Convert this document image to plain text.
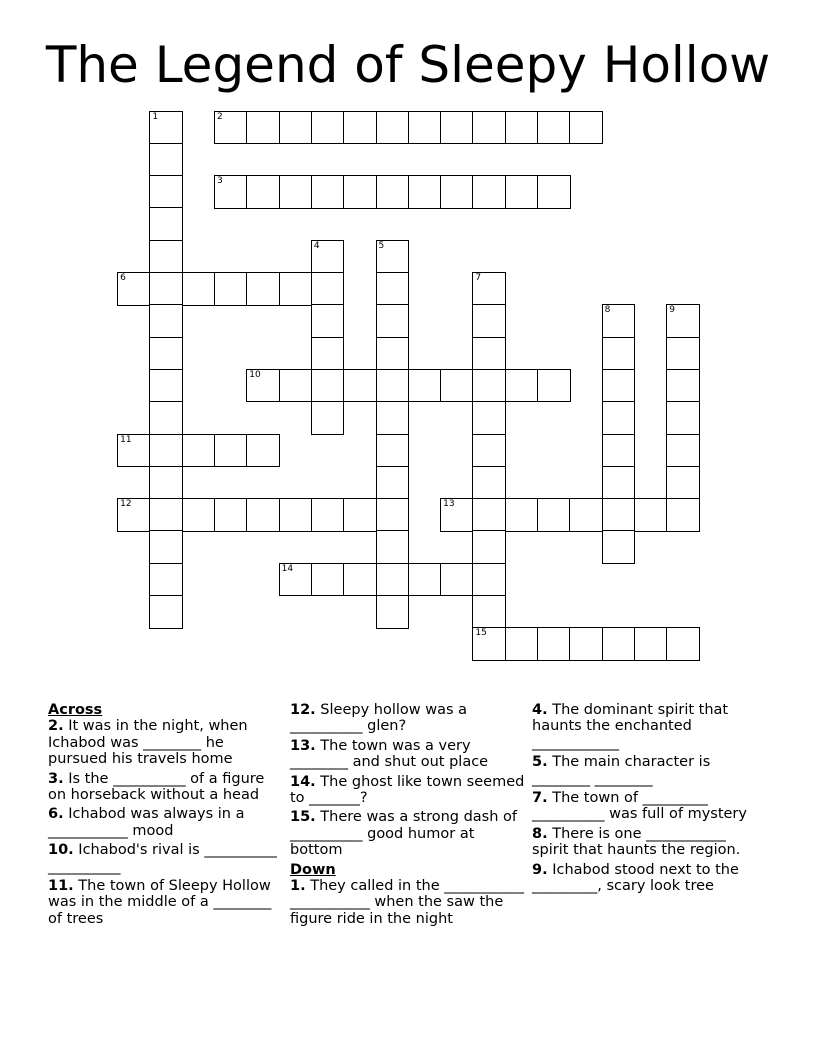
The Legend of Sleepy Hollow
1	2
3
4	5
6	7
8	9
10
11
12	13
14
15

Across

2. It was in the night, when Ichabod was ________ he pursued his travels home

3. Is the __________ of a figure on horseback without a head

6. Ichabod was always in a ___________ mood

10. Ichabod's rival is __________ __________

11. The town of Sleepy Hollow was in the middle of a ________ of trees

12. Sleepy hollow was a __________ glen?

13. The town was a very ________ and shut out place

14. The ghost like town seemed to _______?

15. There was a strong dash of __________ good humor at bottom

Down

1. They called in the ___________ ___________ when the saw the figure ride in the night

4. The dominant spirit that haunts the enchanted ____________

5. The main character is ________ ________

7. The town of _________ __________ was full of mystery

8. There is one ___________ spirit that haunts the region.

9. Ichabod stood next to the _________, scary look tree
